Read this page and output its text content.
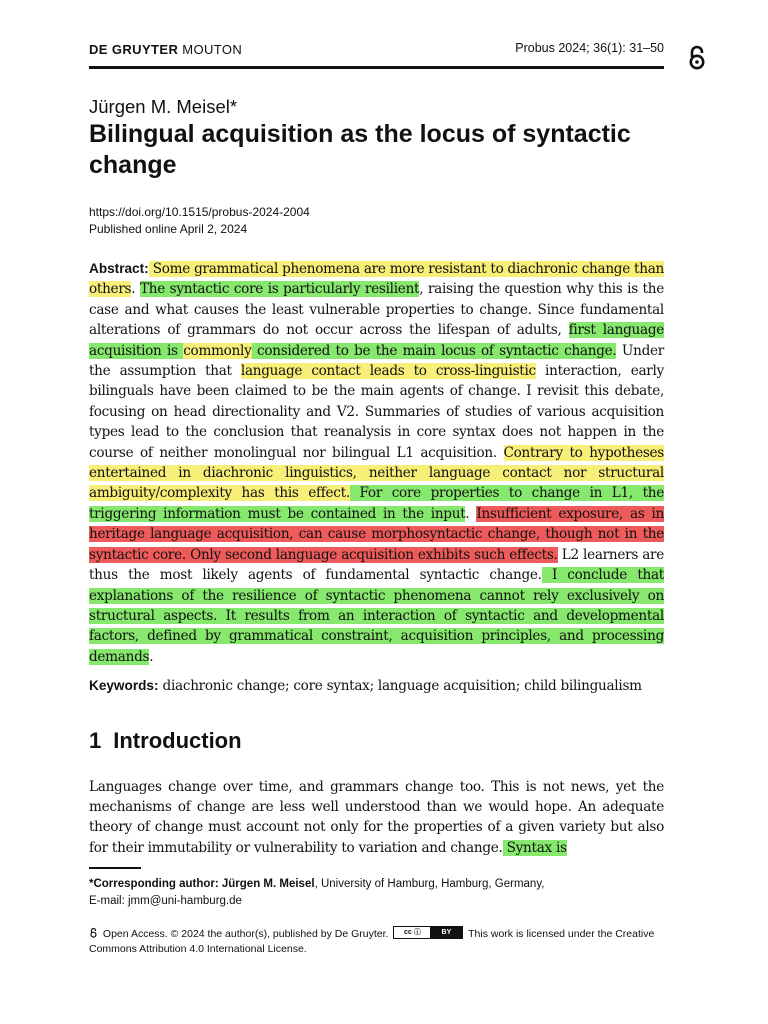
DE GRUYTER MOUTON	Probus 2024; 36(1): 31–50
Jürgen M. Meisel*
Bilingual acquisition as the locus of syntactic change
https://doi.org/10.1515/probus-2024-2004
Published online April 2, 2024

Abstract: Some grammatical phenomena are more resistant to diachronic change than others. The syntactic core is particularly resilient, raising the question why this is the case and what causes the least vulnerable properties to change. Since fundamental alterations of grammars do not occur across the lifespan of adults, first language acquisition is commonly considered to be the main locus of syntactic change. Under the assumption that language contact leads to cross-linguistic interaction, early bilinguals have been claimed to be the main agents of change. I revisit this debate, focusing on head directionality and V2. Summaries of studies of various acquisition types lead to the conclusion that reanalysis in core syntax does not happen in the course of neither monolingual nor bilingual L1 acquisition. Contrary to hypotheses entertained in diachronic linguistics, neither language contact nor structural ambiguity/complexity has this effect. For core properties to change in L1, the triggering information must be contained in the input. Insufficient exposure, as in heritage language acquisition, can cause morphosyntactic change, though not in the syntactic core. Only second language acquisition exhibits such effects. L2 learners are thus the most likely agents of fundamental syntactic change. I conclude that explanations of the resilience of syntactic phenomena cannot rely exclusively on structural aspects. It results from an interaction of syntactic and developmental factors, defined by grammatical constraint, acquisition principles, and processing demands.

Keywords: diachronic change; core syntax; language acquisition; child bilingualism

1 Introduction

Languages change over time, and grammars change too. This is not news, yet the mechanisms of change are less well understood than we would hope. An adequate theory of change must account not only for the properties of a given variety but also for their immutability or vulnerability to variation and change. Syntax is

*Corresponding author: Jürgen M. Meisel, University of Hamburg, Hamburg, Germany,
E-mail: jmm@uni-hamburg.de
Open Access. © 2024 the author(s), published by De Gruyter.	cc ⓘ	BY	This work is licensed under the Creative Commons Attribution 4.0 International License.
